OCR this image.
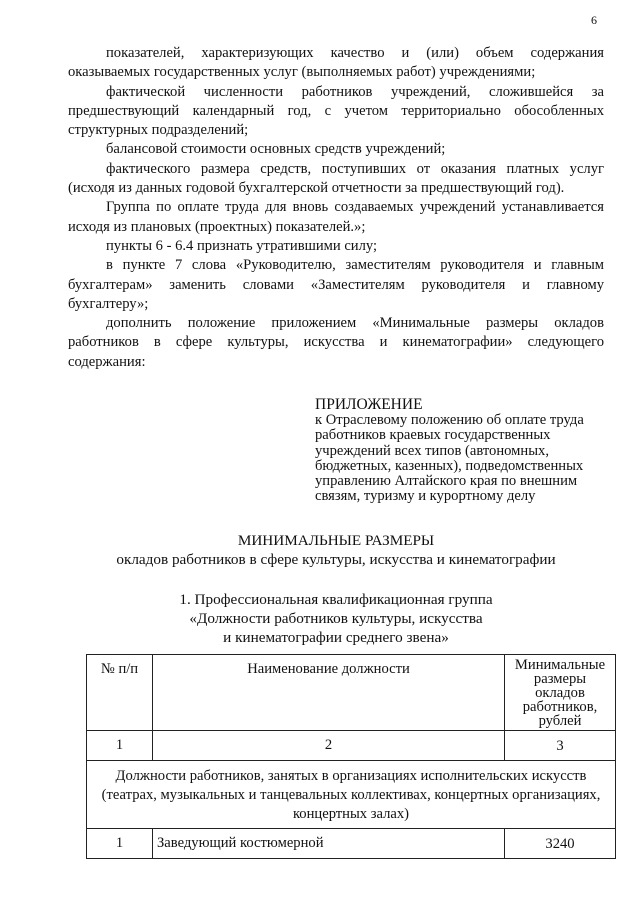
6

показателей, характеризующих качество и (или) объем содержания оказываемых государственных услуг (выполняемых работ) учреждениями;

фактической численности работников учреждений, сложившейся за предшествующий календарный год, с учетом территориально обособленных структурных подразделений;

балансовой стоимости основных средств учреждений;

фактического размера средств, поступивших от оказания платных услуг (исходя из данных годовой бухгалтерской отчетности за предшествующий год).

Группа по оплате труда для вновь создаваемых учреждений устанавливается исходя из плановых (проектных) показателей.»;

пункты 6 - 6.4 признать утратившими силу;

в пункте 7 слова «Руководителю, заместителям руководителя и главным бухгалтерам» заменить словами «Заместителям руководителя и главному бухгалтеру»;

дополнить положение приложением «Минимальные размеры окладов работников в сфере культуры, искусства и кинематографии» следующего содержания:

ПРИЛОЖЕНИЕ
к Отраслевому положению об оплате труда работников краевых государственных учреждений всех типов (автономных, бюджетных, казенных), подведомственных управлению Алтайского края по внешним связям, туризму и курортному делу
МИНИМАЛЬНЫЕ РАЗМЕРЫ
окладов работников в сфере культуры, искусства и кинематографии
1. Профессиональная квалификационная группа
«Должности работников культуры, искусства
и кинематографии среднего звена»
№ п/п	Наименование должности	Минимальные размеры окладов работников, рублей
1	2	3
Должности работников, занятых в организациях исполнительских искусств (театрах, музыкальных и танцевальных коллективах, концертных организациях, концертных залах)		
1	Заведующий костюмерной	3240
